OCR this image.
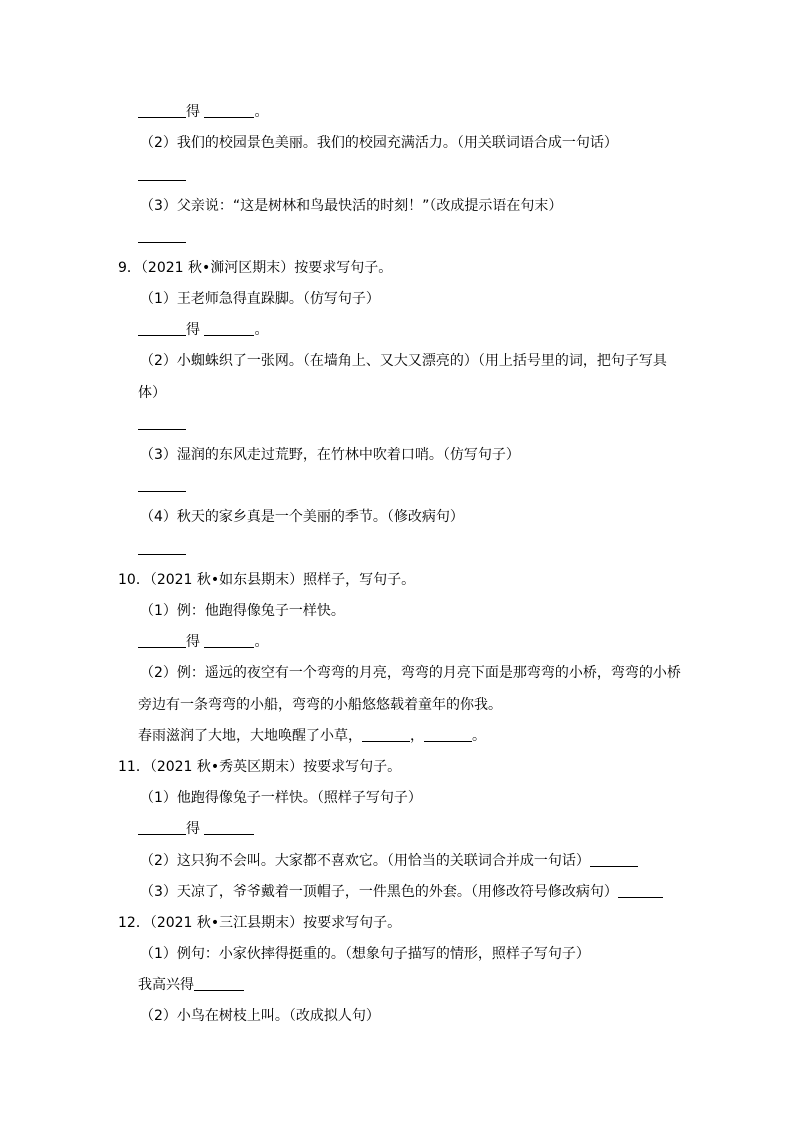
得	。
（2）我们的校园景色美丽。我们的校园充满活力。（用关联词语合成一句话）
（3）父亲说：“这是树林和鸟最快活的时刻！”（改成提示语在句末）
9．（2021 秋•浉河区期末）按要求写句子。
（1）王老师急得直跺脚。（仿写句子）
得	。
（2）小蜘蛛织了一张网。（在墙角上、又大又漂亮的）（用上括号里的词，把句子写具
体）
（3）湿润的东风走过荒野，在竹林中吹着口哨。（仿写句子）
（4）秋天的家乡真是一个美丽的季节。（修改病句）
10．（2021 秋•如东县期末）照样子，写句子。
（1）例：他跑得像兔子一样快。
得	。
（2）例：遥远的夜空有一个弯弯的月亮，弯弯的月亮下面是那弯弯的小桥，弯弯的小桥
旁边有一条弯弯的小船，弯弯的小船悠悠载着童年的你我。
春雨滋润了大地，大地唤醒了小草，	，	。
11．（2021 秋•秀英区期末）按要求写句子。
（1）他跑得像兔子一样快。（照样子写句子）
得
（2）这只狗不会叫。大家都不喜欢它。（用恰当的关联词合并成一句话）
（3）天凉了，爷爷戴着一顶帽子，一件黑色的外套。（用修改符号修改病句）
12．（2021 秋•三江县期末）按要求写句子。
（1）例句：小家伙摔得挺重的。（想象句子描写的情形，照样子写句子）
我高兴得
（2）小鸟在树枝上叫。（改成拟人句）
